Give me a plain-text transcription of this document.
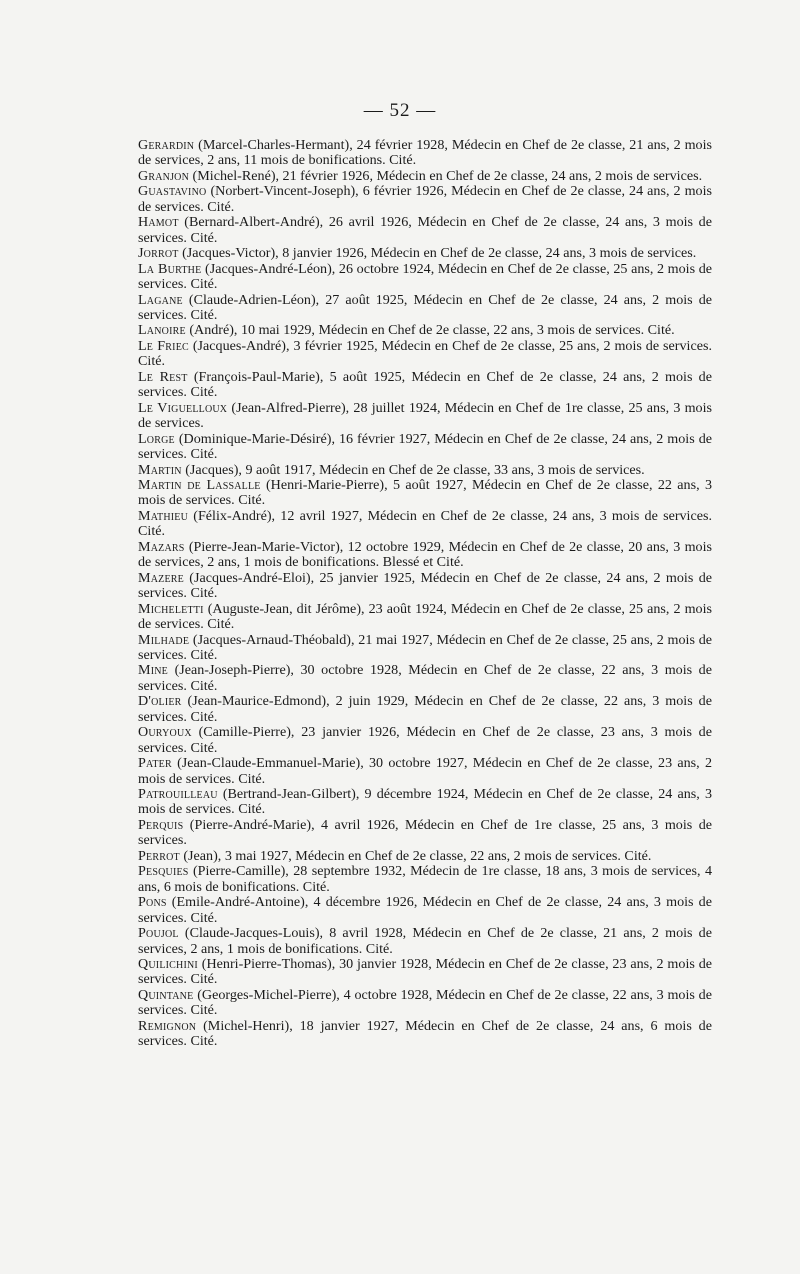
— 52 —

Gerardin (Marcel-Charles-Hermant), 24 février 1928, Médecin en Chef de 2e classe, 21 ans, 2 mois de services, 2 ans, 11 mois de bonifications. Cité.

Granjon (Michel-René), 21 février 1926, Médecin en Chef de 2e classe, 24 ans, 2 mois de services.

Guastavino (Norbert-Vincent-Joseph), 6 février 1926, Médecin en Chef de 2e classe, 24 ans, 2 mois de services. Cité.

Hamot (Bernard-Albert-André), 26 avril 1926, Médecin en Chef de 2e classe, 24 ans, 3 mois de services. Cité.

Jorrot (Jacques-Victor), 8 janvier 1926, Médecin en Chef de 2e classe, 24 ans, 3 mois de services.

La Burthe (Jacques-André-Léon), 26 octobre 1924, Médecin en Chef de 2e classe, 25 ans, 2 mois de services. Cité.

Lagane (Claude-Adrien-Léon), 27 août 1925, Médecin en Chef de 2e classe, 24 ans, 2 mois de services. Cité.

Lanoire (André), 10 mai 1929, Médecin en Chef de 2e classe, 22 ans, 3 mois de services. Cité.

Le Friec (Jacques-André), 3 février 1925, Médecin en Chef de 2e classe, 25 ans, 2 mois de services. Cité.

Le Rest (François-Paul-Marie), 5 août 1925, Médecin en Chef de 2e classe, 24 ans, 2 mois de services. Cité.

Le Viguelloux (Jean-Alfred-Pierre), 28 juillet 1924, Médecin en Chef de 1re classe, 25 ans, 3 mois de services.

Lorge (Dominique-Marie-Désiré), 16 février 1927, Médecin en Chef de 2e classe, 24 ans, 2 mois de services. Cité.

Martin (Jacques), 9 août 1917, Médecin en Chef de 2e classe, 33 ans, 3 mois de services.

Martin de Lassalle (Henri-Marie-Pierre), 5 août 1927, Médecin en Chef de 2e classe, 22 ans, 3 mois de services. Cité.

Mathieu (Félix-André), 12 avril 1927, Médecin en Chef de 2e classe, 24 ans, 3 mois de services. Cité.

Mazars (Pierre-Jean-Marie-Victor), 12 octobre 1929, Médecin en Chef de 2e classe, 20 ans, 3 mois de services, 2 ans, 1 mois de bonifications. Blessé et Cité.

Mazere (Jacques-André-Eloi), 25 janvier 1925, Médecin en Chef de 2e classe, 24 ans, 2 mois de services. Cité.

Micheletti (Auguste-Jean, dit Jérôme), 23 août 1924, Médecin en Chef de 2e classe, 25 ans, 2 mois de services. Cité.

Milhade (Jacques-Arnaud-Théobald), 21 mai 1927, Médecin en Chef de 2e classe, 25 ans, 2 mois de services. Cité.

Mine (Jean-Joseph-Pierre), 30 octobre 1928, Médecin en Chef de 2e classe, 22 ans, 3 mois de services. Cité.

D'olier (Jean-Maurice-Edmond), 2 juin 1929, Médecin en Chef de 2e classe, 22 ans, 3 mois de services. Cité.

Ouryoux (Camille-Pierre), 23 janvier 1926, Médecin en Chef de 2e classe, 23 ans, 3 mois de services. Cité.

Pater (Jean-Claude-Emmanuel-Marie), 30 octobre 1927, Médecin en Chef de 2e classe, 23 ans, 2 mois de services. Cité.

Patrouilleau (Bertrand-Jean-Gilbert), 9 décembre 1924, Médecin en Chef de 2e classe, 24 ans, 3 mois de services. Cité.

Perquis (Pierre-André-Marie), 4 avril 1926, Médecin en Chef de 1re classe, 25 ans, 3 mois de services.

Perrot (Jean), 3 mai 1927, Médecin en Chef de 2e classe, 22 ans, 2 mois de services. Cité.

Pesquies (Pierre-Camille), 28 septembre 1932, Médecin de 1re classe, 18 ans, 3 mois de services, 4 ans, 6 mois de bonifications. Cité.

Pons (Emile-André-Antoine), 4 décembre 1926, Médecin en Chef de 2e classe, 24 ans, 3 mois de services. Cité.

Poujol (Claude-Jacques-Louis), 8 avril 1928, Médecin en Chef de 2e classe, 21 ans, 2 mois de services, 2 ans, 1 mois de bonifications. Cité.

Quilichini (Henri-Pierre-Thomas), 30 janvier 1928, Médecin en Chef de 2e classe, 23 ans, 2 mois de services. Cité.

Quintane (Georges-Michel-Pierre), 4 octobre 1928, Médecin en Chef de 2e classe, 22 ans, 3 mois de services. Cité.

Remignon (Michel-Henri), 18 janvier 1927, Médecin en Chef de 2e classe, 24 ans, 6 mois de services. Cité.
